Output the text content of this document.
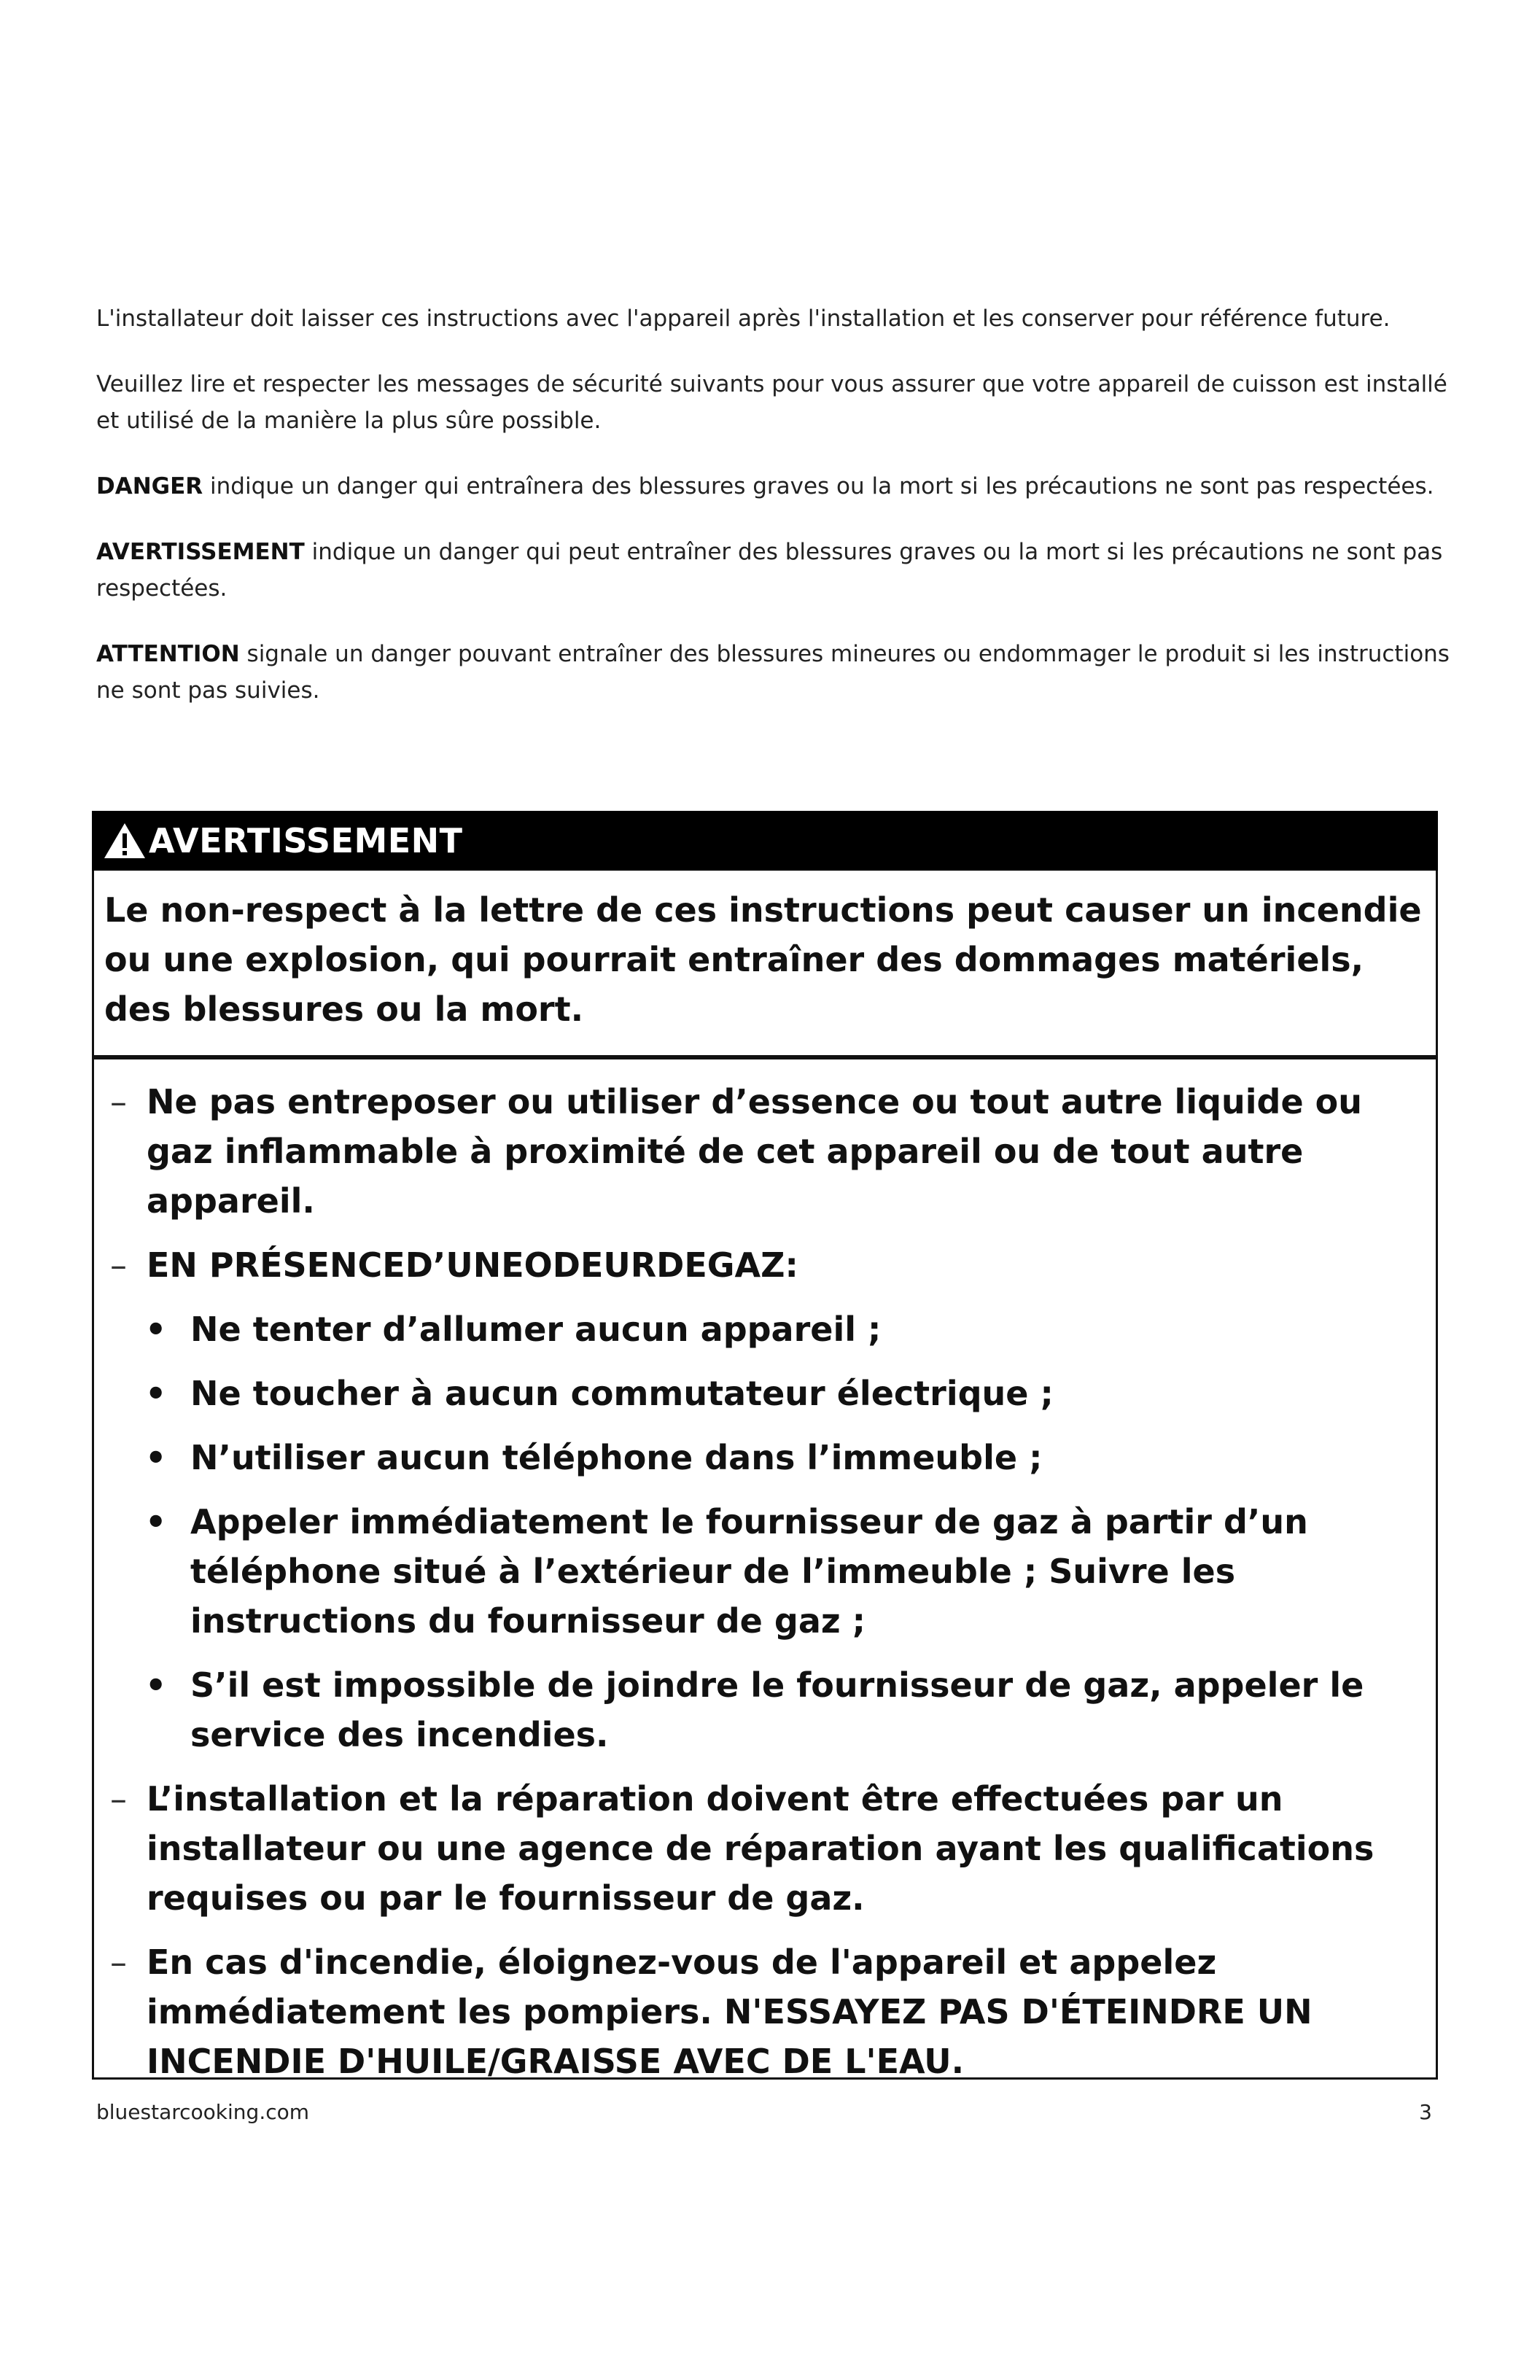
L'installateur doit laisser ces instructions avec l'appareil après l'installation et les conserver pour référence future.

Veuillez lire et respecter les messages de sécurité suivants pour vous assurer que votre appareil de cuisson est installé et utilisé de la manière la plus sûre possible.

DANGER indique un danger qui entraînera des blessures graves ou la mort si les précautions ne sont pas respectées.

AVERTISSEMENT indique un danger qui peut entraîner des blessures graves ou la mort si les précautions ne sont pas respectées.

ATTENTION signale un danger pouvant entraîner des blessures mineures ou endommager le produit si les instructions ne sont pas suivies.

AVERTISSEMENT
Le non-respect à la lettre de ces instructions peut causer un incendie ou une explosion, qui pourrait entraîner des dommages matériels, des blessures ou la mort.
– Ne pas entreposer ou utiliser d’essence ou tout autre liquide ou gaz inflammable à proximité de cet appareil ou de tout autre appareil.
– EN PRÉSENCED’UNEODEURDEGAZ:
• Ne tenter d’allumer aucun appareil ;
• Ne toucher à aucun commutateur électrique ;
• N’utiliser aucun téléphone dans l’immeuble ;
• Appeler immédiatement le fournisseur de gaz à partir d’un téléphone situé à l’extérieur de l’immeuble ; Suivre les instructions du fournisseur de gaz ;
• S’il est impossible de joindre le fournisseur de gaz, appeler le service des incendies.
– L’installation et la réparation doivent être effectuées par un installateur ou une agence de réparation ayant les qualifications requises ou par le fournisseur de gaz.
– En cas d'incendie, éloignez-vous de l'appareil et appelez immédiatement les pompiers. N'ESSAYEZ PAS D'ÉTEINDRE UN INCENDIE D'HUILE/GRAISSE AVEC DE L'EAU.
bluestarcooking.com	3
